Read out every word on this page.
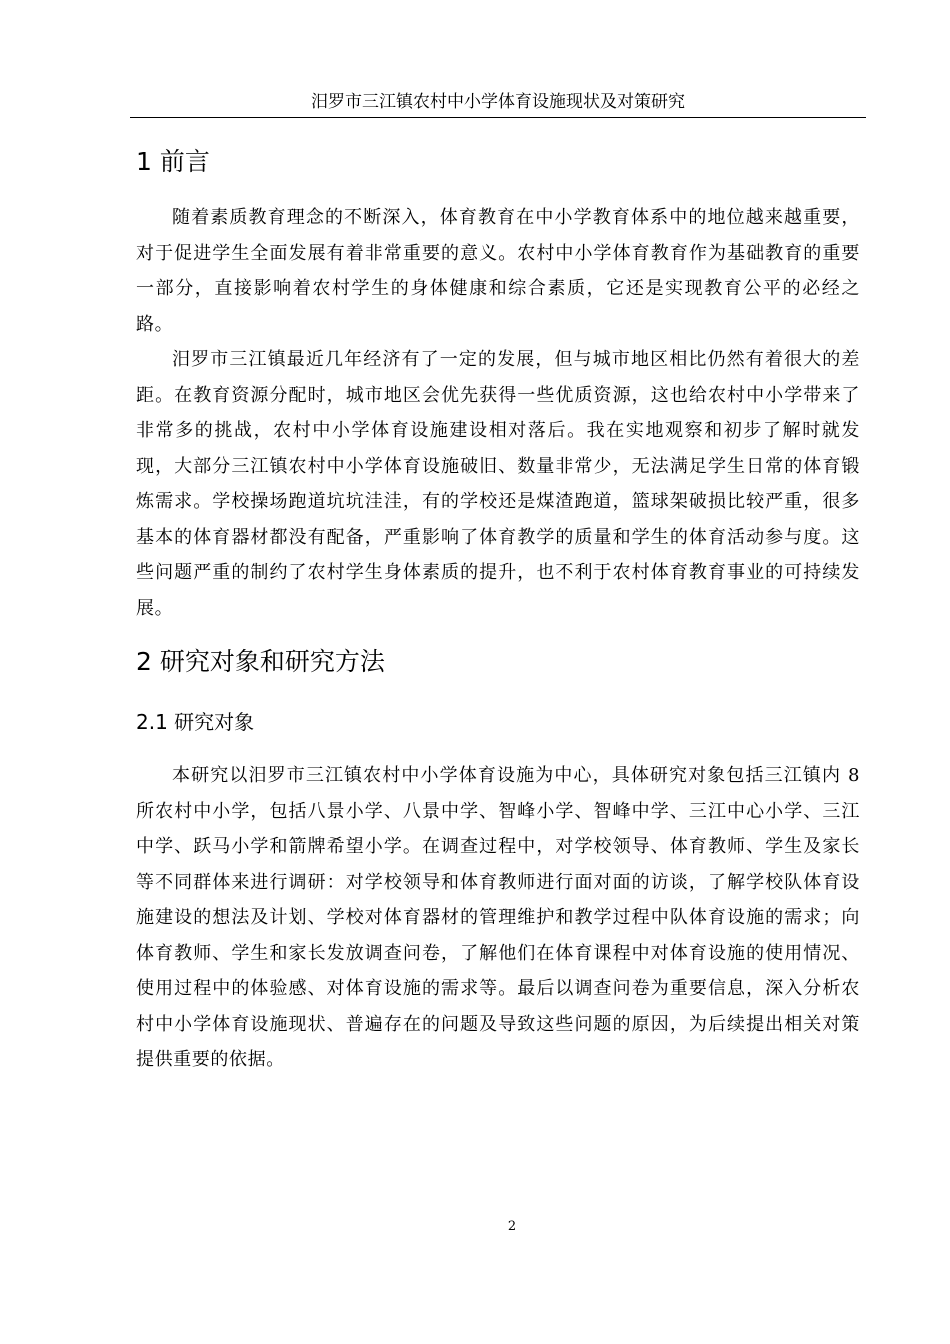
汨罗市三江镇农村中小学体育设施现状及对策研究
1 前言

随着素质教育理念的不断深入，体育教育在中小学教育体系中的地位越来越重要，对于促进学生全面发展有着非常重要的意义。农村中小学体育教育作为基础教育的重要一部分，直接影响着农村学生的身体健康和综合素质，它还是实现教育公平的必经之路。

汨罗市三江镇最近几年经济有了一定的发展，但与城市地区相比仍然有着很大的差距。在教育资源分配时，城市地区会优先获得一些优质资源，这也给农村中小学带来了非常多的挑战，农村中小学体育设施建设相对落后。我在实地观察和初步了解时就发现，大部分三江镇农村中小学体育设施破旧、数量非常少，无法满足学生日常的体育锻炼需求。学校操场跑道坑坑洼洼，有的学校还是煤渣跑道，篮球架破损比较严重，很多基本的体育器材都没有配备，严重影响了体育教学的质量和学生的体育活动参与度。这些问题严重的制约了农村学生身体素质的提升，也不利于农村体育教育事业的可持续发展。

2 研究对象和研究方法
2.1 研究对象

本研究以汨罗市三江镇农村中小学体育设施为中心，具体研究对象包括三江镇内 8 所农村中小学，包括八景小学、八景中学、智峰小学、智峰中学、三江中心小学、三江中学、跃马小学和箭牌希望小学。在调查过程中，对学校领导、体育教师、学生及家长等不同群体来进行调研：对学校领导和体育教师进行面对面的访谈，了解学校队体育设施建设的想法及计划、学校对体育器材的管理维护和教学过程中队体育设施的需求；向体育教师、学生和家长发放调查问卷，了解他们在体育课程中对体育设施的使用情况、使用过程中的体验感、对体育设施的需求等。最后以调查问卷为重要信息，深入分析农村中小学体育设施现状、普遍存在的问题及导致这些问题的原因，为后续提出相关对策提供重要的依据。

2
